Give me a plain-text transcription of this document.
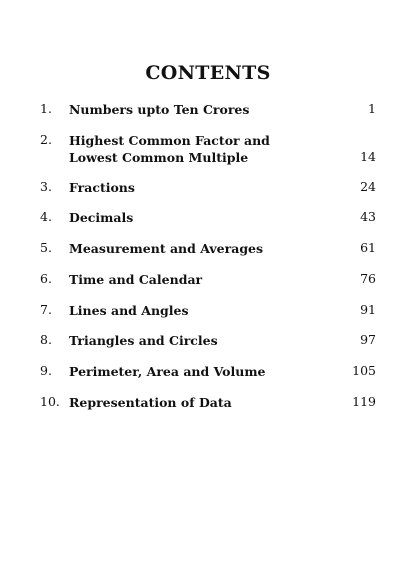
CONTENTS
1. Numbers upto Ten Crores	1
2. Highest Common Factor and
Lowest Common Multiple	14
3. Fractions	24
4. Decimals	43
5. Measurement and Averages	61
6. Time and Calendar	76
7. Lines and Angles	91
8. Triangles and Circles	97
9. Perimeter, Area and Volume	105
10. Representation of Data	119
